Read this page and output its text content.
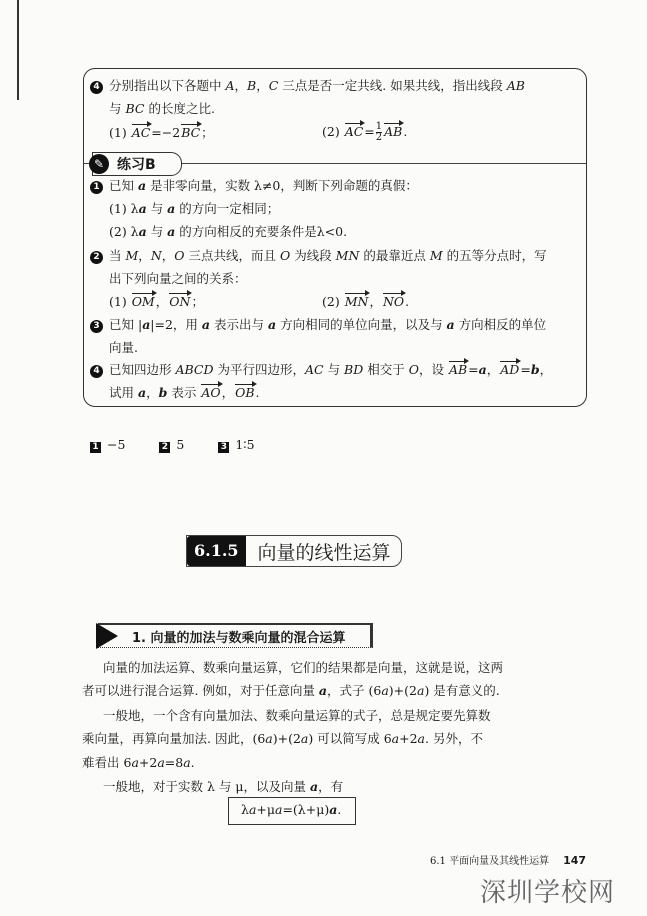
✎ 练习B
4 分别指出以下各题中 A，B，C 三点是否一定共线. 如果共线，指出线段 AB
与 BC 的长度之比.
(1) AC=−2BC；	(2) $AC= \frac{1}{2}$ AB.
1 已知 a 是非零向量，实数 λ≠0，判断下列命题的真假：
(1) λa 与 a 的方向一定相同；
(2) λa 与 a 的方向相反的充要条件是λ<0.
2 当 M，N，O 三点共线，而且 O 为线段 MN 的最靠近点 M 的五等分点时，写
出下列向量之间的关系：
(1) OM，ON；	(2) MN，NO.
3 已知 |a|=2，用 a 表示出与 a 方向相同的单位向量，以及与 a 方向相反的单位
向量.
4 已知四边形 ABCD 为平行四边形，AC 与 BD 相交于 O，设 AB=a，AD=b，
试用 a，b 表示 AO，OB.
向量的加法运算、数乘向量运算，它们的结果都是向量，这就是说，这两
者可以进行混合运算. 例如，对于任意向量 a，式子 (6a)+(2a) 是有意义的.
一般地，一个含有向量加法、数乘向量运算的式子，总是规定要先算数
乘向量，再算向量加法. 因此，(6a)+(2a) 可以简写成 6a+2a. 另外，不
难看出 6a+2a=8a.
一般地，对于实数 λ 与 μ，以及向量 a，有
λa+μa=(λ+μ)a.
1 −5	2 5	3 1∶5
6.1.5	向量的线性运算
1. 向量的加法与数乘向量的混合运算
6.1 平面向量及其线性运算 147
深圳学校网
